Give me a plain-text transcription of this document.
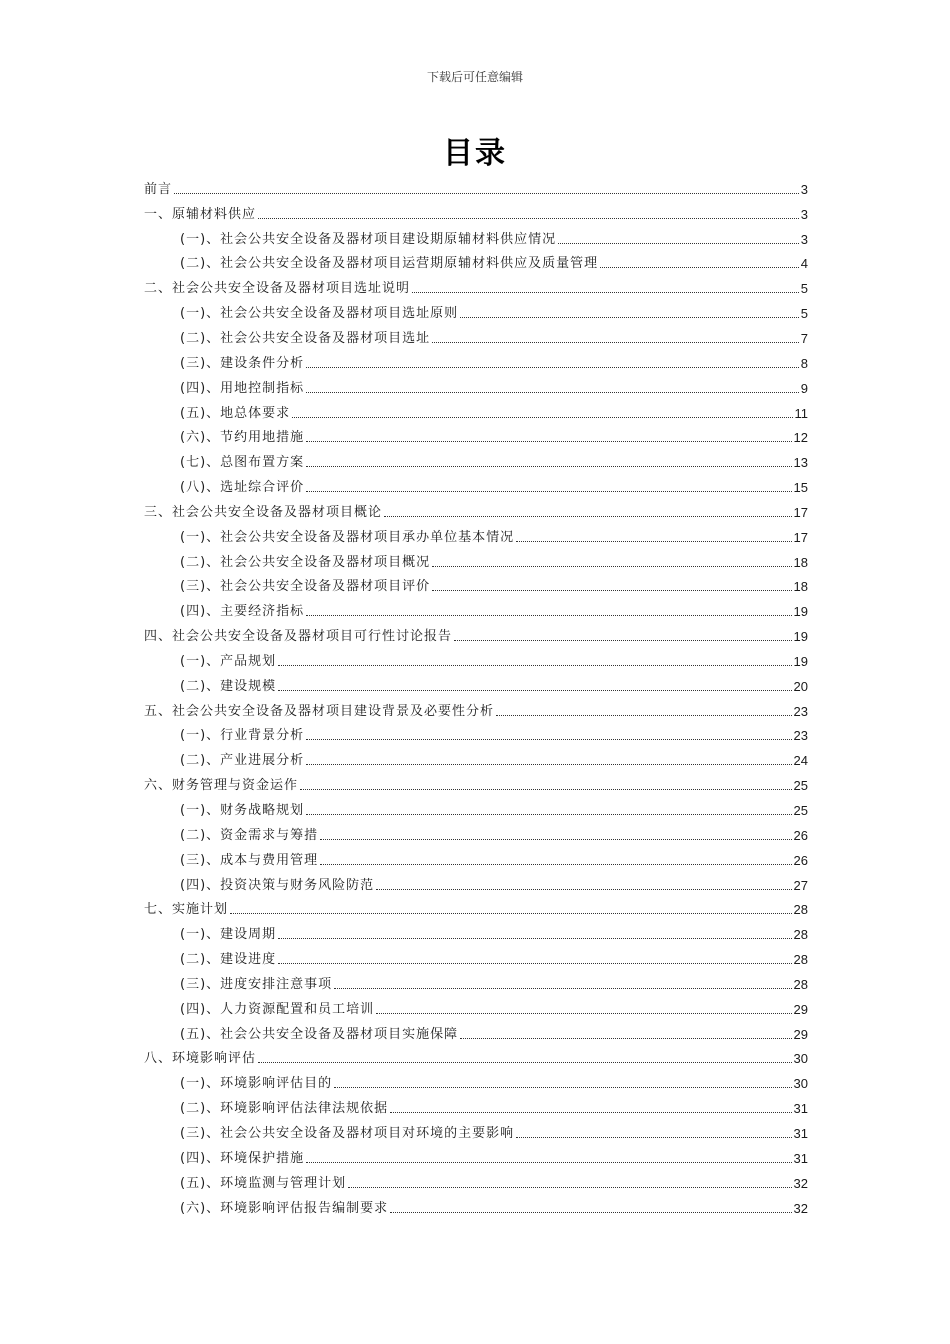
下载后可任意编辑
目录
前言	3
一、原辅材料供应	3
(一)、社会公共安全设备及器材项目建设期原辅材料供应情况	3
(二)、社会公共安全设备及器材项目运营期原辅材料供应及质量管理	4
二、社会公共安全设备及器材项目选址说明	5
(一)、社会公共安全设备及器材项目选址原则	5
(二)、社会公共安全设备及器材项目选址	7
(三)、建设条件分析	8
(四)、用地控制指标	9
(五)、地总体要求	11
(六)、节约用地措施	12
(七)、总图布置方案	13
(八)、选址综合评价	15
三、社会公共安全设备及器材项目概论	17
(一)、社会公共安全设备及器材项目承办单位基本情况	17
(二)、社会公共安全设备及器材项目概况	18
(三)、社会公共安全设备及器材项目评价	18
(四)、主要经济指标	19
四、社会公共安全设备及器材项目可行性讨论报告	19
(一)、产品规划	19
(二)、建设规模	20
五、社会公共安全设备及器材项目建设背景及必要性分析	23
(一)、行业背景分析	23
(二)、产业进展分析	24
六、财务管理与资金运作	25
(一)、财务战略规划	25
(二)、资金需求与筹措	26
(三)、成本与费用管理	26
(四)、投资决策与财务风险防范	27
七、实施计划	28
(一)、建设周期	28
(二)、建设进度	28
(三)、进度安排注意事项	28
(四)、人力资源配置和员工培训	29
(五)、社会公共安全设备及器材项目实施保障	29
八、环境影响评估	30
(一)、环境影响评估目的	30
(二)、环境影响评估法律法规依据	31
(三)、社会公共安全设备及器材项目对环境的主要影响	31
(四)、环境保护措施	31
(五)、环境监测与管理计划	32
(六)、环境影响评估报告编制要求	32
